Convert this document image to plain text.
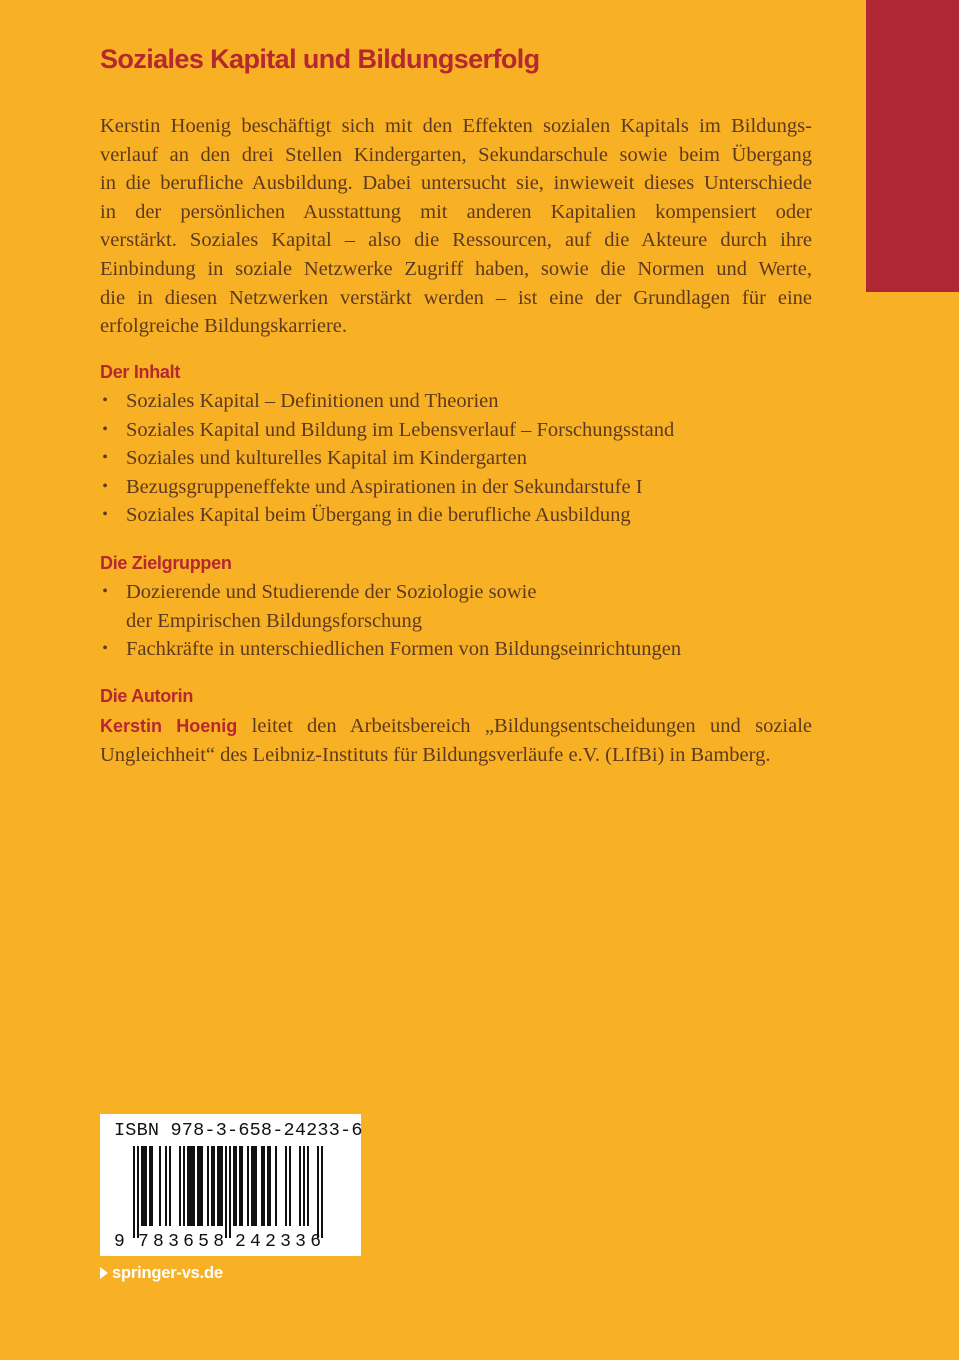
Soziales Kapital und Bildungserfolg

Kerstin Hoenig beschäftigt sich mit den Effekten sozialen Kapitals im Bildungs-
verlauf an den drei Stellen Kindergarten, Sekundarschule sowie beim Übergang
in die berufliche Ausbildung. Dabei untersucht sie, inwieweit dieses Unterschiede
in der persönlichen Ausstattung mit anderen Kapitalien kompensiert oder
verstärkt. Soziales Kapital – also die Ressourcen, auf die Akteure durch ihre
Einbindung in soziale Netzwerke Zugriff haben, sowie die Normen und Werte,
die in diesen Netzwerken verstärkt werden – ist eine der Grundlagen für eine
erfolgreiche Bildungskarriere.

Der Inhalt
• Soziales Kapital – Definitionen und Theorien
• Soziales Kapital und Bildung im Lebensverlauf – Forschungsstand
• Soziales und kulturelles Kapital im Kindergarten
• Bezugsgruppeneffekte und Aspirationen in der Sekundarstufe I
• Soziales Kapital beim Übergang in die berufliche Ausbildung
Die Zielgruppen
• Dozierende und Studierende der Soziologie sowie
der Empirischen Bildungsforschung
• Fachkräfte in unterschiedlichen Formen von Bildungseinrichtungen
Die Autorin

Kerstin Hoenig leitet den Arbeitsbereich „Bildungsentscheidungen und soziale
Ungleichheit“ des Leibniz-Instituts für Bildungsverläufe e.V. (LIfBi) in Bamberg.

ISBN 978-3-658-24233-6
9 783658 242336
springer-vs.de
